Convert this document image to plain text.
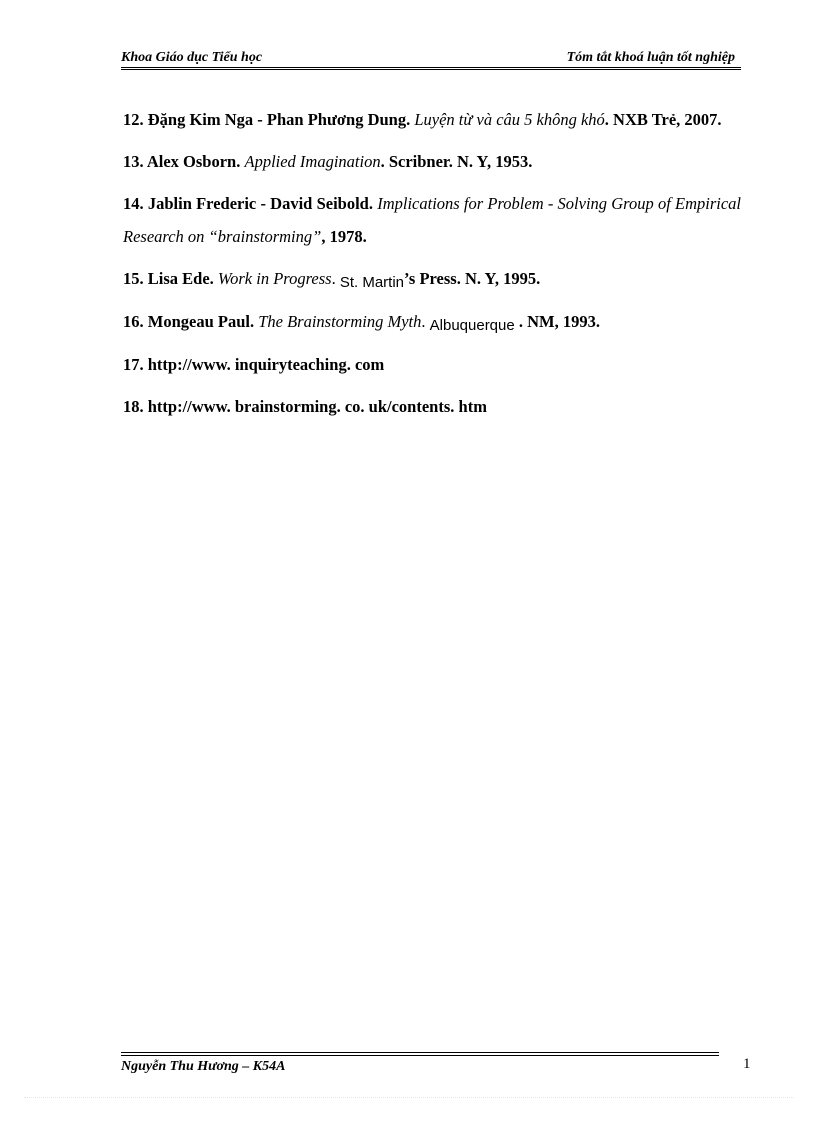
Khoa Giáo dục Tiểu học	Tóm tắt khoá luận tốt nghiệp

12. Đặng Kim Nga - Phan Phương Dung. Luyện từ và câu 5 không khó. NXB Trẻ, 2007.

13. Alex Osborn. Applied Imagination. Scribner. N. Y, 1953.

14. Jablin Frederic - David Seibold. Implications for Problem - Solving Group of Empirical Research on “brainstorming”, 1978.

15. Lisa Ede. Work in Progress. St. Martin’s Press. N. Y, 1995.

16. Mongeau Paul. The Brainstorming Myth. Albuquerque . NM, 1993.

17. http://www. inquiryteaching. com

18. http://www. brainstorming. co. uk/contents. htm

Nguyễn Thu Hương – K54A	1
